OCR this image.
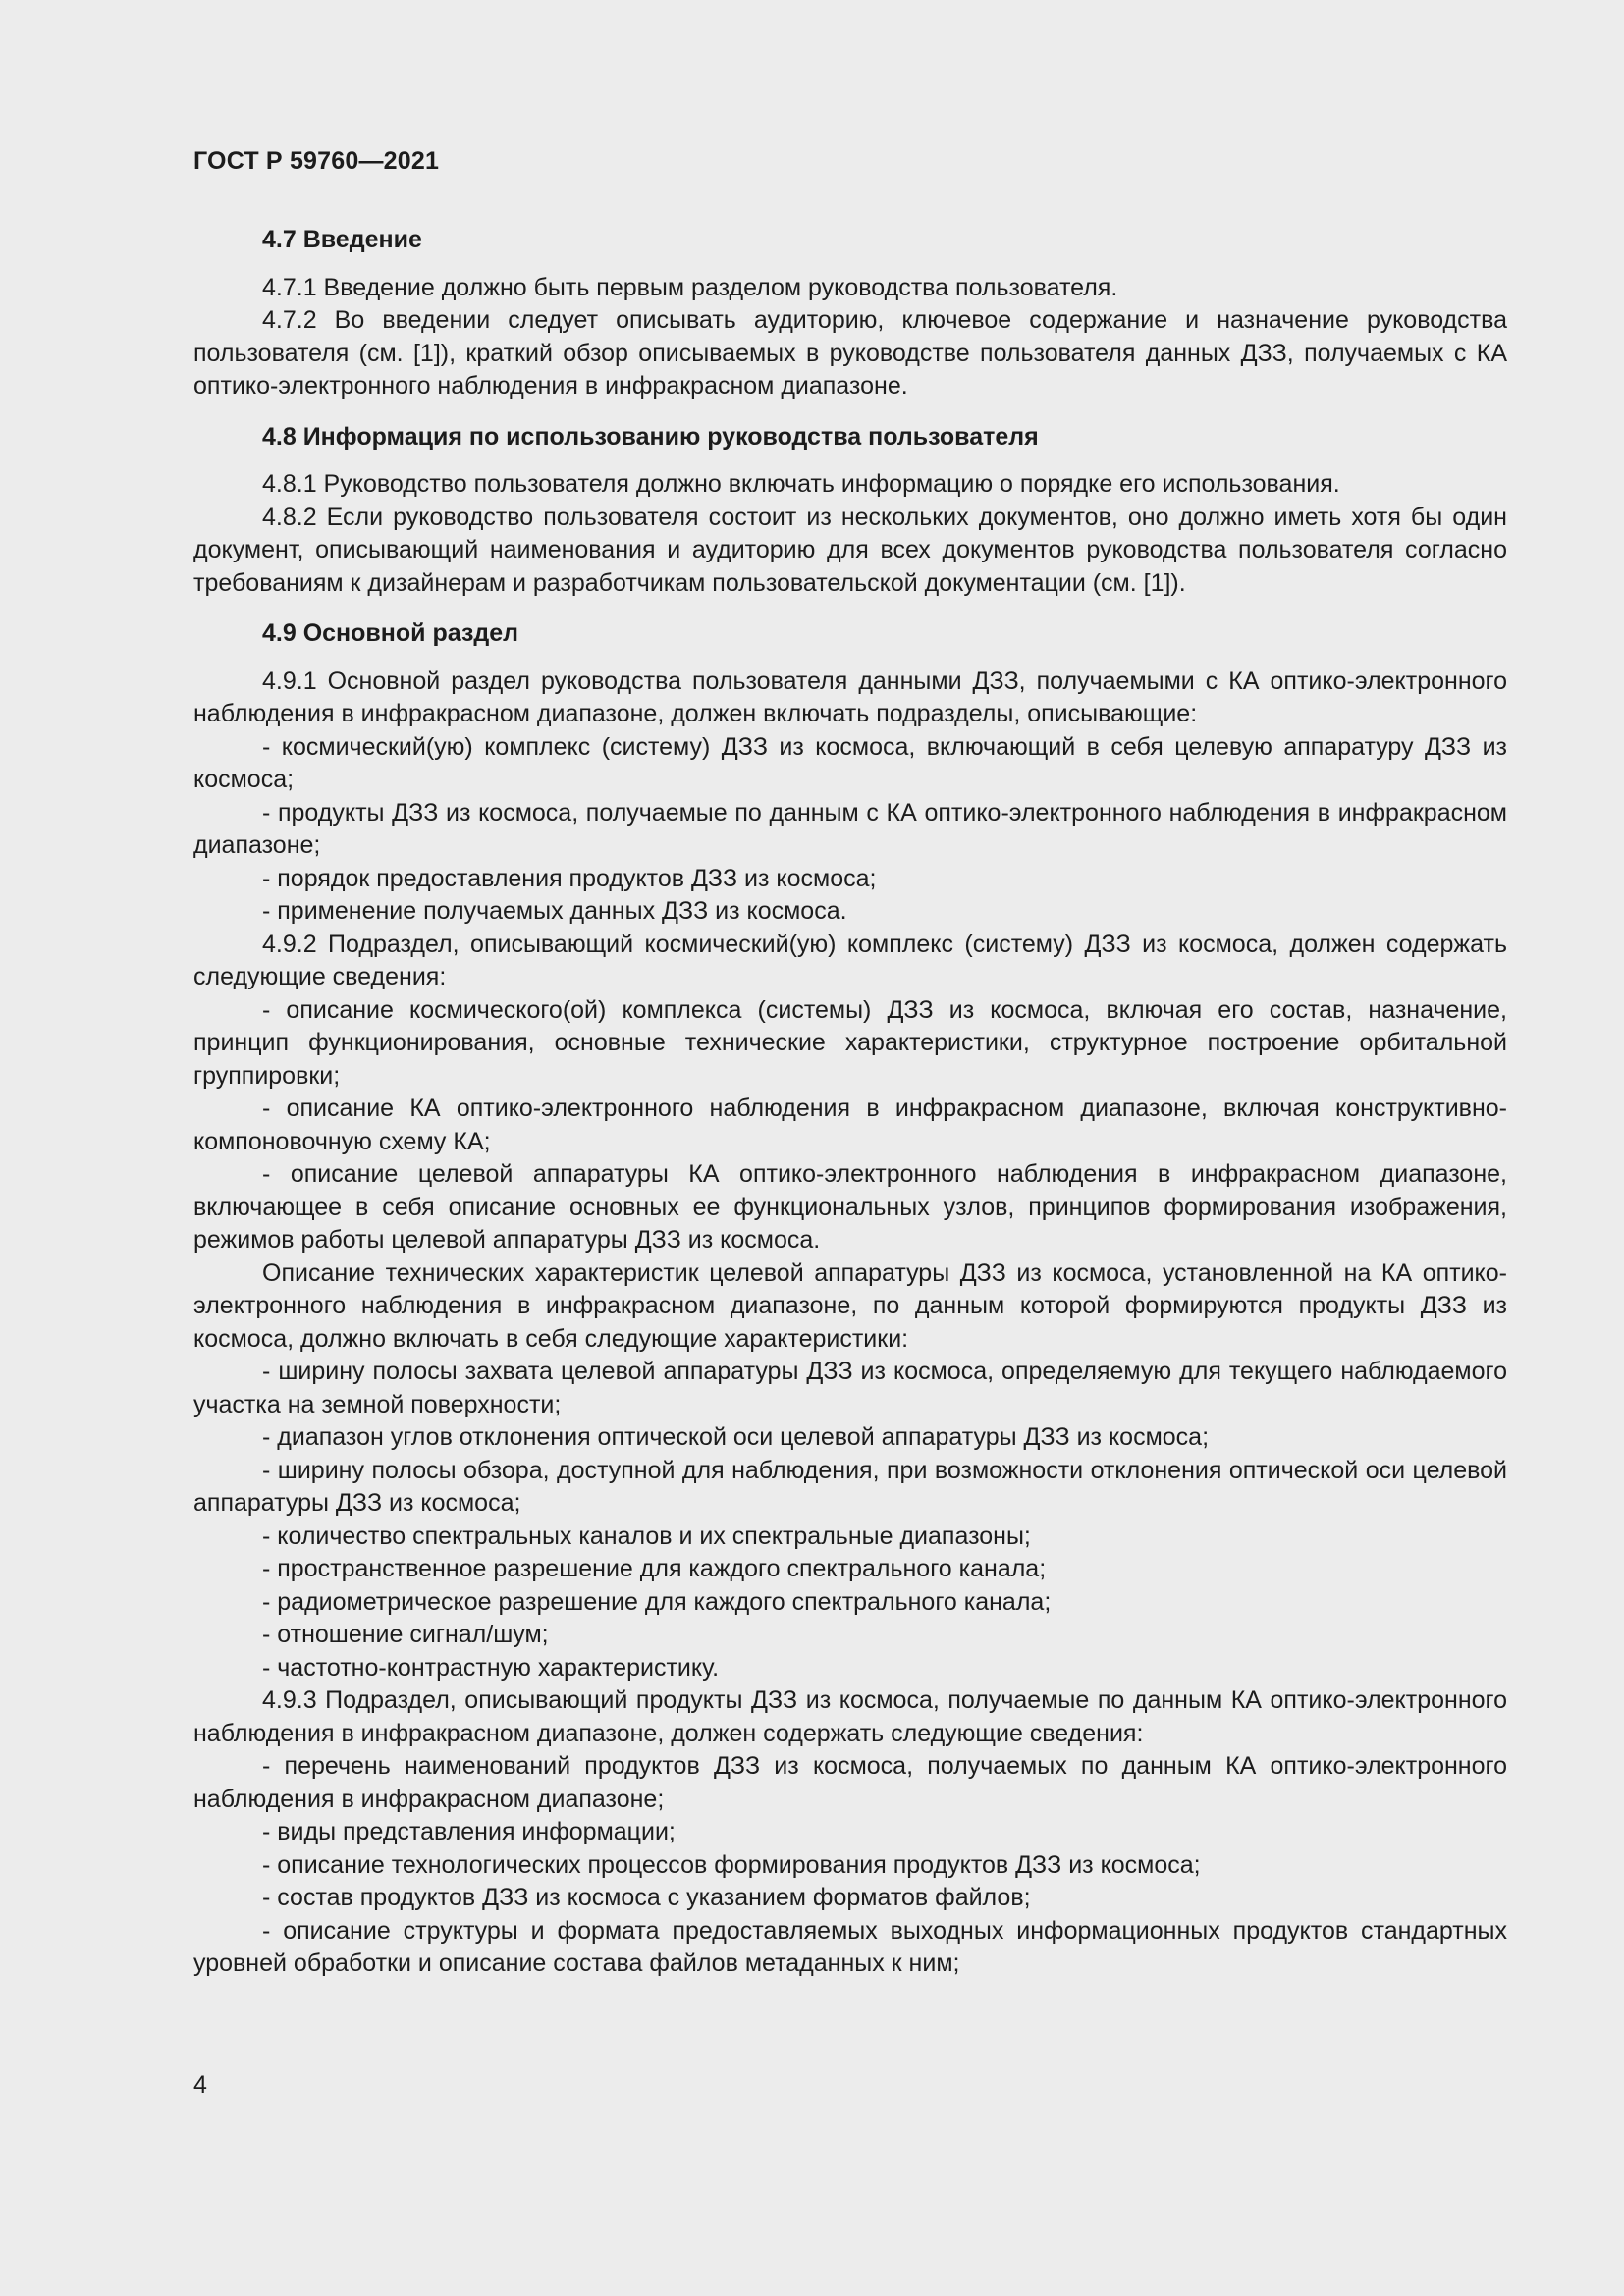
ГОСТ Р 59760—2021
4.7 Введение

4.7.1 Введение должно быть первым разделом руководства пользователя.

4.7.2 Во введении следует описывать аудиторию, ключевое содержание и назначение руководства пользователя (см. [1]), краткий обзор описываемых в руководстве пользователя данных ДЗЗ, получаемых с КА оптико-электронного наблюдения в инфракрасном диапазоне.

4.8 Информация по использованию руководства пользователя

4.8.1 Руководство пользователя должно включать информацию о порядке его использования.

4.8.2 Если руководство пользователя состоит из нескольких документов, оно должно иметь хотя бы один документ, описывающий наименования и аудиторию для всех документов руководства пользователя согласно требованиям к дизайнерам и разработчикам пользовательской документации (см. [1]).

4.9 Основной раздел

4.9.1 Основной раздел руководства пользователя данными ДЗЗ, получаемыми с КА оптико-электронного наблюдения в инфракрасном диапазоне, должен включать подразделы, описывающие:

- космический(ую) комплекс (систему) ДЗЗ из космоса, включающий в себя целевую аппаратуру ДЗЗ из космоса;

- продукты ДЗЗ из космоса, получаемые по данным с КА оптико-электронного наблюдения в инфракрасном диапазоне;

- порядок предоставления продуктов ДЗЗ из космоса;

- применение получаемых данных ДЗЗ из космоса.

4.9.2 Подраздел, описывающий космический(ую) комплекс (систему) ДЗЗ из космоса, должен содержать следующие сведения:

- описание космического(ой) комплекса (системы) ДЗЗ из космоса, включая его состав, назначение, принцип функционирования, основные технические характеристики, структурное построение орбитальной группировки;

- описание КА оптико-электронного наблюдения в инфракрасном диапазоне, включая конструктивно-компоновочную схему КА;

- описание целевой аппаратуры КА оптико-электронного наблюдения в инфракрасном диапазоне, включающее в себя описание основных ее функциональных узлов, принципов формирования изображения, режимов работы целевой аппаратуры ДЗЗ из космоса.

Описание технических характеристик целевой аппаратуры ДЗЗ из космоса, установленной на КА оптико-электронного наблюдения в инфракрасном диапазоне, по данным которой формируются продукты ДЗЗ из космоса, должно включать в себя следующие характеристики:

- ширину полосы захвата целевой аппаратуры ДЗЗ из космоса, определяемую для текущего наблюдаемого участка на земной поверхности;

- диапазон углов отклонения оптической оси целевой аппаратуры ДЗЗ из космоса;

- ширину полосы обзора, доступной для наблюдения, при возможности отклонения оптической оси целевой аппаратуры ДЗЗ из космоса;

- количество спектральных каналов и их спектральные диапазоны;

- пространственное разрешение для каждого спектрального канала;

- радиометрическое разрешение для каждого спектрального канала;

- отношение сигнал/шум;

- частотно-контрастную характеристику.

4.9.3 Подраздел, описывающий продукты ДЗЗ из космоса, получаемые по данным КА оптико-электронного наблюдения в инфракрасном диапазоне, должен содержать следующие сведения:

- перечень наименований продуктов ДЗЗ из космоса, получаемых по данным КА оптико-электронного наблюдения в инфракрасном диапазоне;

- виды представления информации;

- описание технологических процессов формирования продуктов ДЗЗ из космоса;

- состав продуктов ДЗЗ из космоса с указанием форматов файлов;

- описание структуры и формата предоставляемых выходных информационных продуктов стандартных уровней обработки и описание состава файлов метаданных к ним;

4
